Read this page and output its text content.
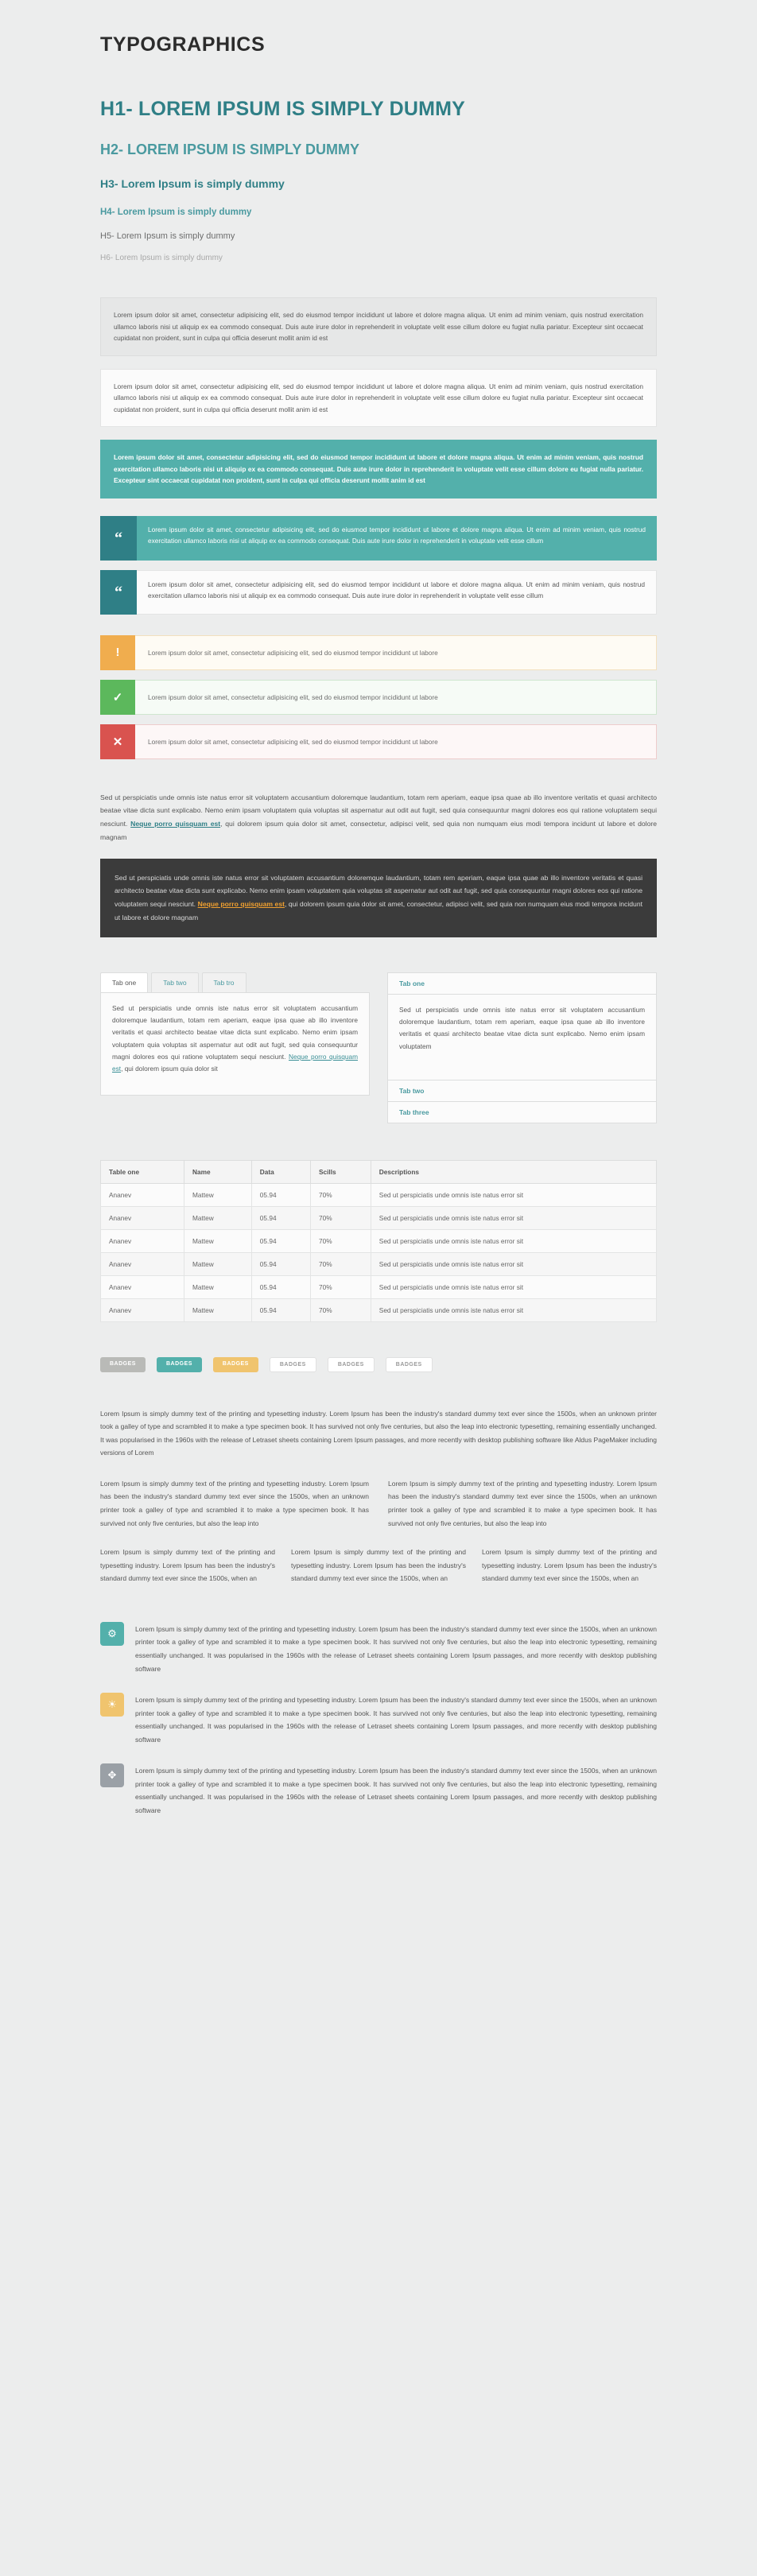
TYPOGRAPHICS
H1- LOREM IPSUM IS SIMPLY DUMMY
H2- LOREM IPSUM IS SIMPLY DUMMY
H3- Lorem Ipsum is simply dummy
H4- Lorem Ipsum is simply dummy
H5- Lorem Ipsum is simply dummy
H6- Lorem Ipsum is simply dummy
Lorem ipsum dolor sit amet, consectetur adipisicing elit, sed do eiusmod tempor incididunt ut labore et dolore magna aliqua. Ut enim ad minim veniam, quis nostrud exercitation ullamco laboris nisi ut aliquip ex ea commodo consequat. Duis aute irure dolor in reprehenderit in voluptate velit esse cillum dolore eu fugiat nulla pariatur. Excepteur sint occaecat cupidatat non proident, sunt in culpa qui officia deserunt mollit anim id est
Lorem ipsum dolor sit amet, consectetur adipisicing elit, sed do eiusmod tempor incididunt ut labore et dolore magna aliqua. Ut enim ad minim veniam, quis nostrud exercitation ullamco laboris nisi ut aliquip ex ea commodo consequat. Duis aute irure dolor in reprehenderit in voluptate velit esse cillum dolore eu fugiat nulla pariatur. Excepteur sint occaecat cupidatat non proident, sunt in culpa qui officia deserunt mollit anim id est
Lorem ipsum dolor sit amet, consectetur adipisicing elit, sed do eiusmod tempor incididunt ut labore et dolore magna aliqua. Ut enim ad minim veniam, quis nostrud exercitation ullamco laboris nisi ut aliquip ex ea commodo consequat. Duis aute irure dolor in reprehenderit in voluptate velit esse cillum dolore eu fugiat nulla pariatur. Excepteur sint occaecat cupidatat non proident, sunt in culpa qui officia deserunt mollit anim id est
“	Lorem ipsum dolor sit amet, consectetur adipisicing elit, sed do eiusmod tempor incididunt ut labore et dolore magna aliqua. Ut enim ad minim veniam, quis nostrud exercitation ullamco laboris nisi ut aliquip ex ea commodo consequat. Duis aute irure dolor in reprehenderit in voluptate velit esse cillum
“	Lorem ipsum dolor sit amet, consectetur adipisicing elit, sed do eiusmod tempor incididunt ut labore et dolore magna aliqua. Ut enim ad minim veniam, quis nostrud exercitation ullamco laboris nisi ut aliquip ex ea commodo consequat. Duis aute irure dolor in reprehenderit in voluptate velit esse cillum
!	Lorem ipsum dolor sit amet, consectetur adipisicing elit, sed do eiusmod tempor incididunt ut labore
✓	Lorem ipsum dolor sit amet, consectetur adipisicing elit, sed do eiusmod tempor incididunt ut labore
✕	Lorem ipsum dolor sit amet, consectetur adipisicing elit, sed do eiusmod tempor incididunt ut labore
Sed ut perspiciatis unde omnis iste natus error sit voluptatem accusantium doloremque laudantium, totam rem aperiam, eaque ipsa quae ab illo inventore veritatis et quasi architecto beatae vitae dicta sunt explicabo. Nemo enim ipsam voluptatem quia voluptas sit aspernatur aut odit aut fugit, sed quia consequuntur magni dolores eos qui ratione voluptatem sequi nesciunt. Neque porro quisquam est, qui dolorem ipsum quia dolor sit amet, consectetur, adipisci velit, sed quia non numquam eius modi tempora incidunt ut labore et dolore magnam
Sed ut perspiciatis unde omnis iste natus error sit voluptatem accusantium doloremque laudantium, totam rem aperiam, eaque ipsa quae ab illo inventore veritatis et quasi architecto beatae vitae dicta sunt explicabo. Nemo enim ipsam voluptatem quia voluptas sit aspernatur aut odit aut fugit, sed quia consequuntur magni dolores eos qui ratione voluptatem sequi nesciunt. Neque porro quisquam est, qui dolorem ipsum quia dolor sit amet, consectetur, adipisci velit, sed quia non numquam eius modi tempora incidunt ut labore et dolore magnam
Tab one	Tab two	Tab tro
Sed ut perspiciatis unde omnis iste natus error sit voluptatem accusantium doloremque laudantium, totam rem aperiam, eaque ipsa quae ab illo inventore veritatis et quasi architecto beatae vitae dicta sunt explicabo. Nemo enim ipsam voluptatem quia voluptas sit aspernatur aut odit aut fugit, sed quia consequuntur magni dolores eos qui ratione voluptatem sequi nesciunt. Neque porro quisquam est, qui dolorem ipsum quia dolor sit
Tab one
Sed ut perspiciatis unde omnis iste natus error sit voluptatem accusantium doloremque laudantium, totam rem aperiam, eaque ipsa quae ab illo inventore veritatis et quasi architecto beatae vitae dicta sunt explicabo. Nemo enim ipsam voluptatem
Tab two
Tab three
Table one	Name	Data	Scills	Descriptions
Ananev	Mattew	05.94	70%	Sed ut perspiciatis unde omnis iste natus error sit
Ananev	Mattew	05.94	70%	Sed ut perspiciatis unde omnis iste natus error sit
Ananev	Mattew	05.94	70%	Sed ut perspiciatis unde omnis iste natus error sit
Ananev	Mattew	05.94	70%	Sed ut perspiciatis unde omnis iste natus error sit
Ananev	Mattew	05.94	70%	Sed ut perspiciatis unde omnis iste natus error sit
Ananev	Mattew	05.94	70%	Sed ut perspiciatis unde omnis iste natus error sit
BADGES	BADGES	BADGES	BADGES	BADGES	BADGES
Lorem Ipsum is simply dummy text of the printing and typesetting industry. Lorem Ipsum has been the industry's standard dummy text ever since the 1500s, when an unknown printer took a galley of type and scrambled it to make a type specimen book. It has survived not only five centuries, but also the leap into electronic typesetting, remaining essentially unchanged. It was popularised in the 1960s with the release of Letraset sheets containing Lorem Ipsum passages, and more recently with desktop publishing software like Aldus PageMaker including versions of Lorem

Lorem Ipsum is simply dummy text of the printing and typesetting industry. Lorem Ipsum has been the industry's standard dummy text ever since the 1500s, when an unknown printer took a galley of type and scrambled it to make a type specimen book. It has survived not only five centuries, but also the leap into

Lorem Ipsum is simply dummy text of the printing and typesetting industry. Lorem Ipsum has been the industry's standard dummy text ever since the 1500s, when an unknown printer took a galley of type and scrambled it to make a type specimen book. It has survived not only five centuries, but also the leap into

Lorem Ipsum is simply dummy text of the printing and typesetting industry. Lorem Ipsum has been the industry's standard dummy text ever since the 1500s, when an

Lorem Ipsum is simply dummy text of the printing and typesetting industry. Lorem Ipsum has been the industry's standard dummy text ever since the 1500s, when an

Lorem Ipsum is simply dummy text of the printing and typesetting industry. Lorem Ipsum has been the industry's standard dummy text ever since the 1500s, when an

⚙	Lorem Ipsum is simply dummy text of the printing and typesetting industry. Lorem Ipsum has been the industry's standard dummy text ever since the 1500s, when an unknown printer took a galley of type and scrambled it to make a type specimen book. It has survived not only five centuries, but also the leap into electronic typesetting, remaining essentially unchanged. It was popularised in the 1960s with the release of Letraset sheets containing Lorem Ipsum passages, and more recently with desktop publishing software
☀	Lorem Ipsum is simply dummy text of the printing and typesetting industry. Lorem Ipsum has been the industry's standard dummy text ever since the 1500s, when an unknown printer took a galley of type and scrambled it to make a type specimen book. It has survived not only five centuries, but also the leap into electronic typesetting, remaining essentially unchanged. It was popularised in the 1960s with the release of Letraset sheets containing Lorem Ipsum passages, and more recently with desktop publishing software
✥	Lorem Ipsum is simply dummy text of the printing and typesetting industry. Lorem Ipsum has been the industry's standard dummy text ever since the 1500s, when an unknown printer took a galley of type and scrambled it to make a type specimen book. It has survived not only five centuries, but also the leap into electronic typesetting, remaining essentially unchanged. It was popularised in the 1960s with the release of Letraset sheets containing Lorem Ipsum passages, and more recently with desktop publishing software
